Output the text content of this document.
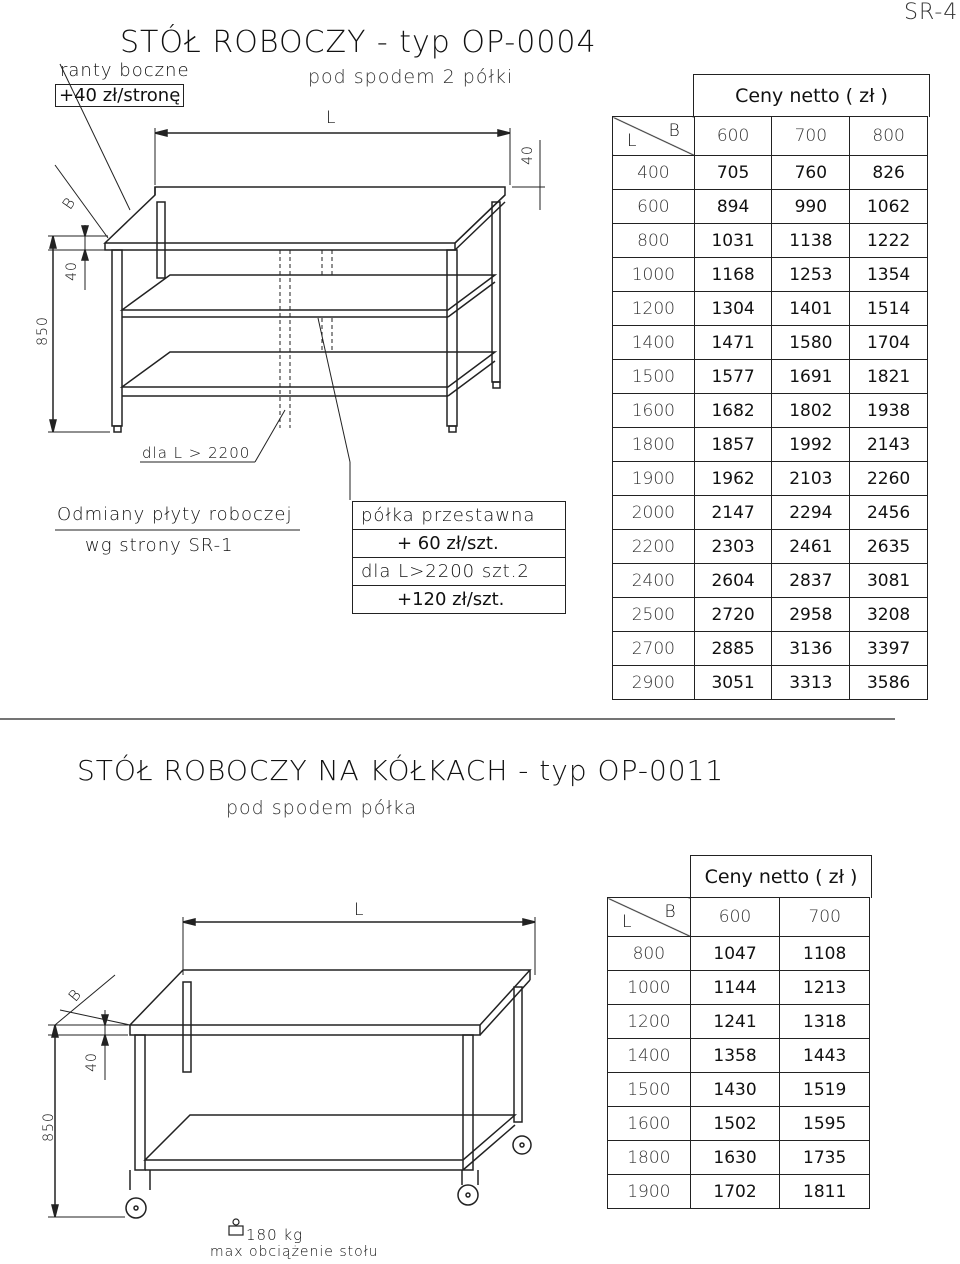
SR-4
STÓŁ ROBOCZY - typ OP-0004
pod spodem 2 półki
ranty boczne
+40 zł/stronę
L
40
B
40
850
dla L > 2200
Odmiany płyty roboczej
wg strony SR-1
półka przestawna
+ 60 zł/szt.
dla L>2200 szt.2
+120 zł/szt.
Ceny netto ( zł )
L B	600	700	800
400	705	760	826
600	894	990	1062
800	1031	1138	1222
1000	1168	1253	1354
1200	1304	1401	1514
1400	1471	1580	1704
1500	1577	1691	1821
1600	1682	1802	1938
1800	1857	1992	2143
1900	1962	2103	2260
2000	2147	2294	2456
2200	2303	2461	2635
2400	2604	2837	3081
2500	2720	2958	3208
2700	2885	3136	3397
2900	3051	3313	3586
STÓŁ ROBOCZY NA KÓŁKACH - typ OP-0011
pod spodem półka
L
B
40
850
180 kg
max obciążenie stołu
Ceny netto ( zł )
L B	600	700
800	1047	1108
1000	1144	1213
1200	1241	1318
1400	1358	1443
1500	1430	1519
1600	1502	1595
1800	1630	1735
1900	1702	1811
